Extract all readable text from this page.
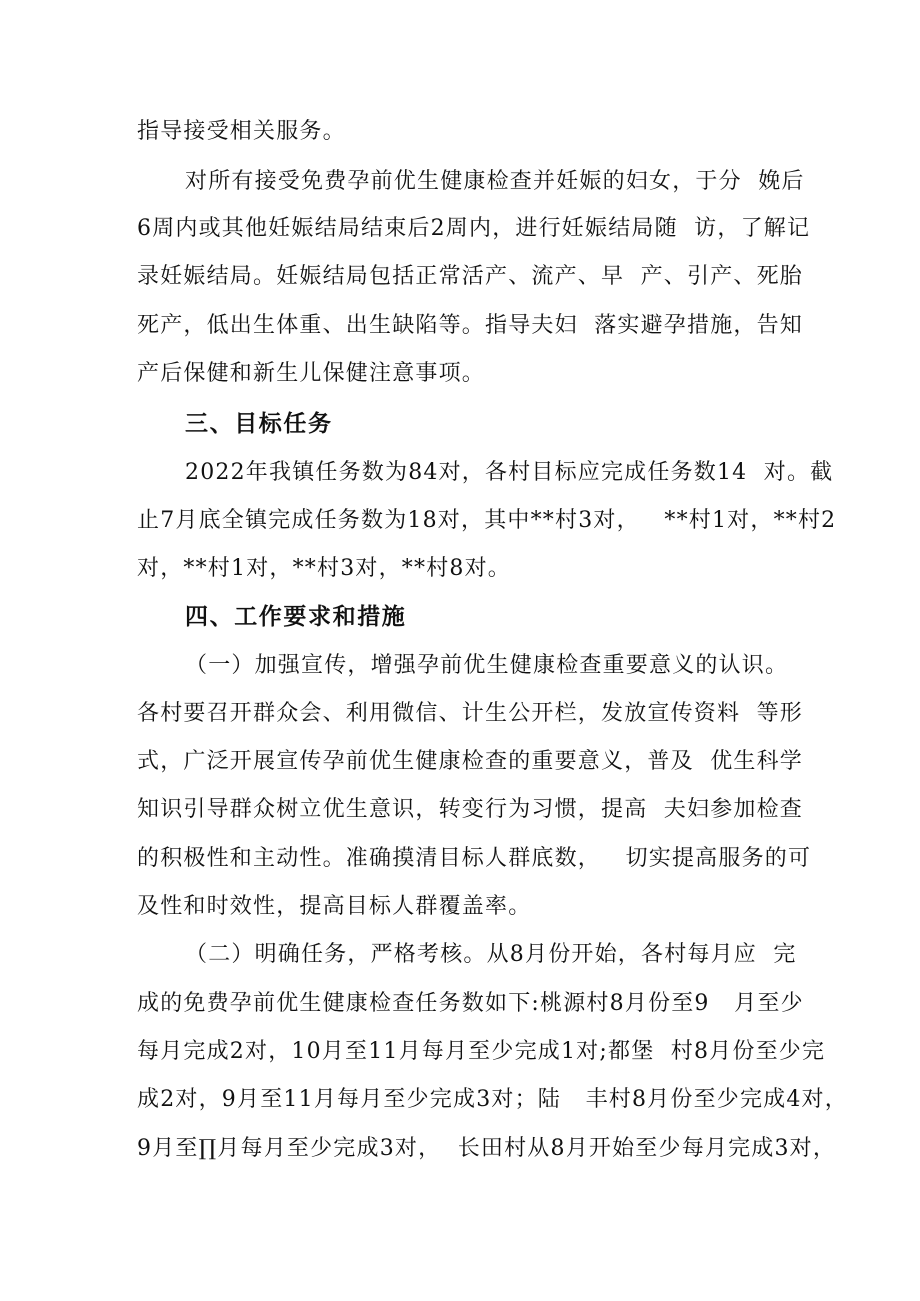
指导接受相关服务。
对所有接受免费孕前优生健康检查并妊娠的妇女，于分  娩后
6周内或其他妊娠结局结束后2周内，进行妊娠结局随  访，了解记
录妊娠结局。妊娠结局包括正常活产、流产、早  产、引产、死胎
死产，低出生体重、出生缺陷等。指导夫妇  落实避孕措施，告知
产后保健和新生儿保健注意事项。
三、目标任务
2022年我镇任务数为84对，各村目标应完成任务数14  对。截
止7月底全镇完成任务数为18对，其中**村3对，   **村1对，**村2
对，**村1对，**村3对，**村8对。
四、工作要求和措施
（一）加强宣传，增强孕前优生健康检查重要意义的认识。
各村要召开群众会、利用微信、计生公开栏，发放宣传资料  等形
式，广泛开展宣传孕前优生健康检查的重要意义，普及  优生科学
知识引导群众树立优生意识，转变行为习惯，提高  夫妇参加检查
的积极性和主动性。准确摸清目标人群底数，   切实提高服务的可
及性和时效性，提高目标人群覆盖率。
（二）明确任务，严格考核。从8月份开始，各村每月应  完
成的免费孕前优生健康检查任务数如下:桃源村8月份至9   月至少
每月完成2对，10月至11月每月至少完成1对;都堡  村8月份至少完
成2对，9月至11月每月至少完成3对；陆   丰村8月份至少完成4对，
9月至∏月每月至少完成3对，  长田村从8月开始至少每月完成3对，
